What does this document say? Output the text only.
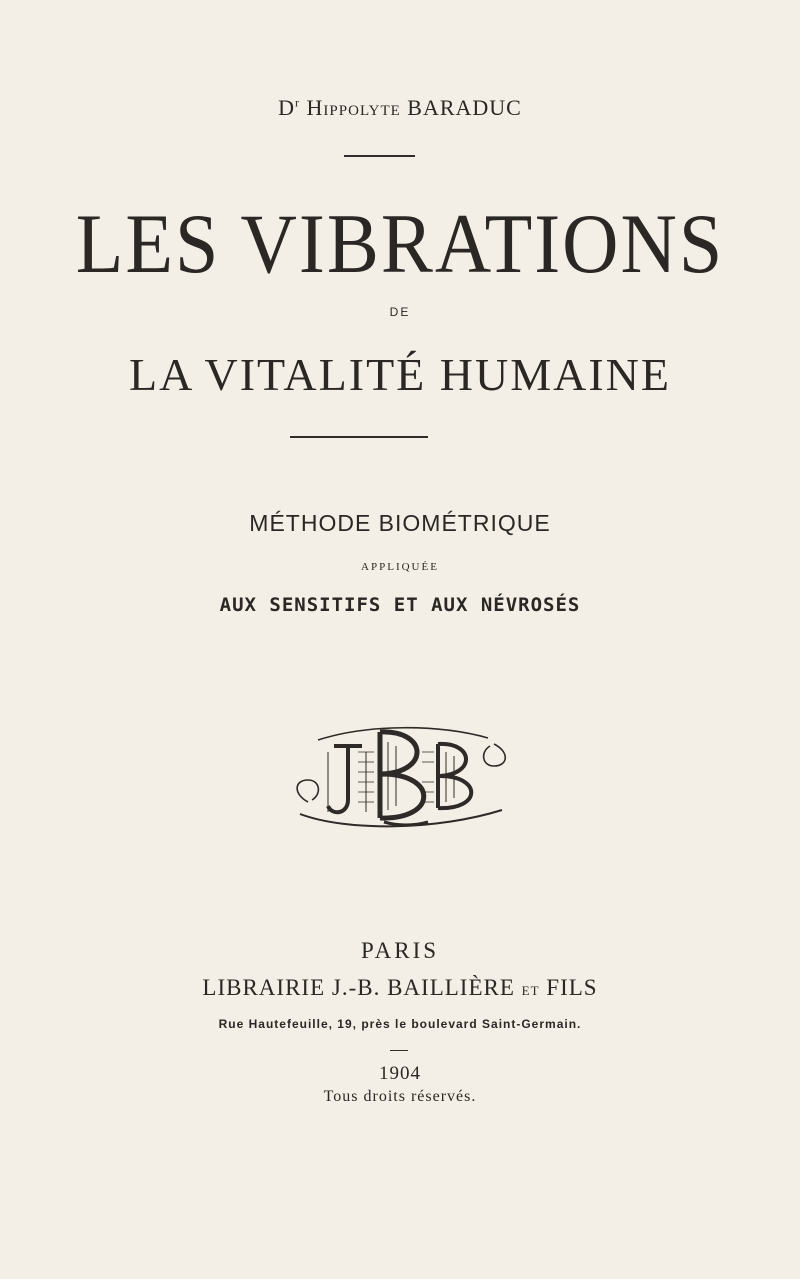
$D^r$ Hippolyte BARADUC
LES VIBRATIONS
DE
LA VITALITÉ HUMAINE
MÉTHODE BIOMÉTRIQUE
APPLIQUÉE
AUX SENSITIFS ET AUX NÉVROSÉS
PARIS
LIBRAIRIE J.-B. BAILLIÈRE ET FILS
Rue Hautefeuille, 19, près le boulevard Saint-Germain.
1904
Tous droits réservés.
